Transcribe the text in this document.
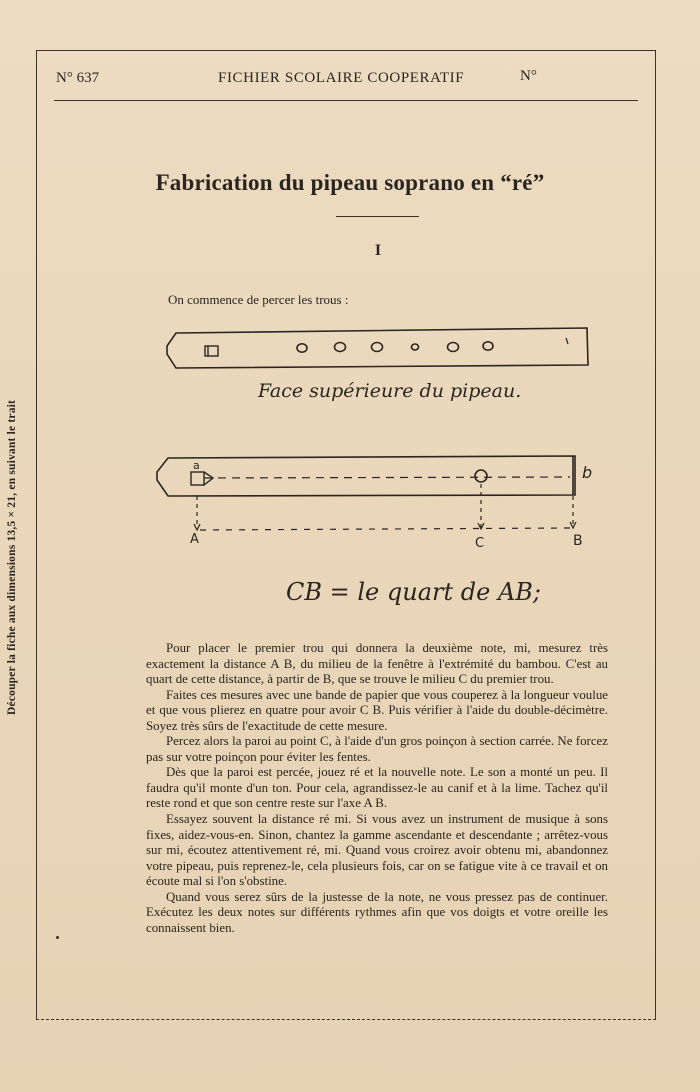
Découper la fiche aux dimensions 13,5 × 21, en suivant le trait
N° 637	FICHIER SCOLAIRE COOPERATIF	N°
Fabrication du pipeau soprano en “ré”
I
On commence de percer les trous :
Face supérieure du pipeau.
a	b
A	C	B
CB = le quart de AB;

Pour placer le premier trou qui donnera la deuxième note, mi, mesurez très exactement la distance A B, du milieu de la fenêtre à l'extrémité du bambou. C'est au quart de cette distance, à partir de B, que se trouve le milieu C du premier trou.

Faites ces mesures avec une bande de papier que vous couperez à la longueur voulue et que vous plierez en quatre pour avoir C B. Puis vérifier à l'aide du double-décimètre. Soyez très sûrs de l'exactitude de cette mesure.

Percez alors la paroi au point C, à l'aide d'un gros poinçon à section carrée. Ne forcez pas sur votre poinçon pour éviter les fentes.

Dès que la paroi est percée, jouez ré et la nouvelle note. Le son a monté un peu. Il faudra qu'il monte d'un ton. Pour cela, agrandissez-le au canif et à la lime. Tachez qu'il reste rond et que son centre reste sur l'axe A B.

Essayez souvent la distance ré mi. Si vous avez un instrument de musique à sons fixes, aidez-vous-en. Sinon, chantez la gamme ascendante et descendante ; arrêtez-vous sur mi, écoutez attentivement ré, mi. Quand vous croirez avoir obtenu mi, abandonnez votre pipeau, puis reprenez-le, cela plusieurs fois, car on se fatigue vite à ce travail et on écoute mal si l'on s'obstine.

Quand vous serez sûrs de la justesse de la note, ne vous pressez pas de continuer. Exécutez les deux notes sur différents rythmes afin que vos doigts et votre oreille les connaissent bien.
